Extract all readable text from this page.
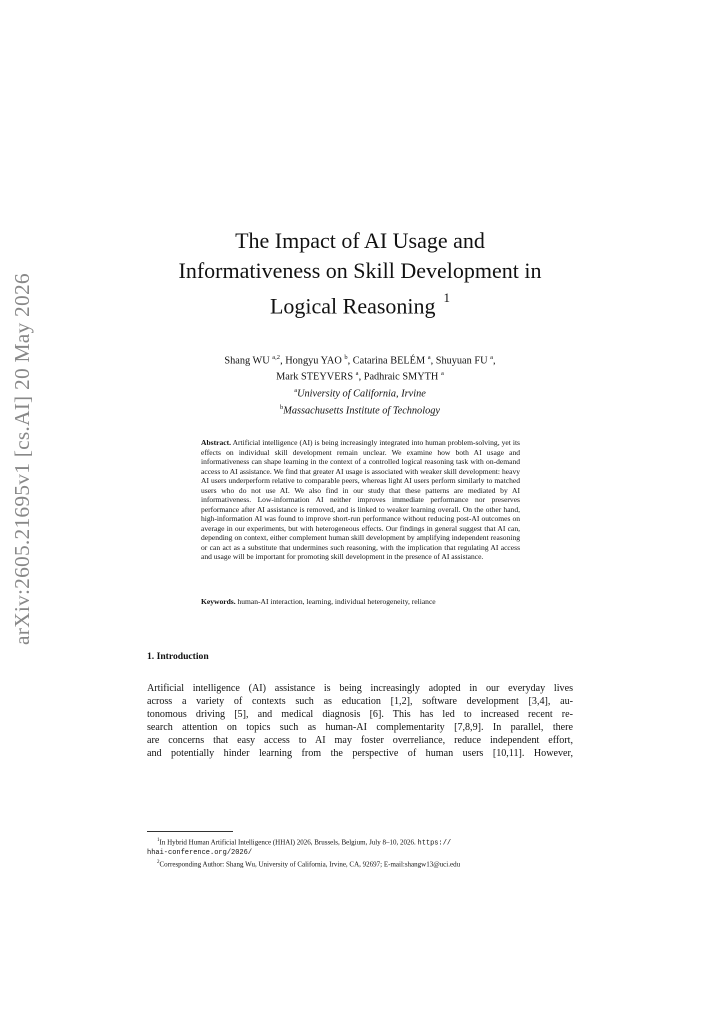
arXiv:2605.21695v1 [cs.AI] 20 May 2026
The Impact of AI Usage and
Informativeness on Skill Development in
Logical Reasoning $^1$
Shang WU $^{a,2}$, Hongyu YAO $^b$, Catarina BELÉM $^a$, Shuyuan FU $^a$,
Mark STEYVERS $^a$, Padhraic SMYTH $^a$
$^a$University of California, Irvine
$^b$Massachusetts Institute of Technology
Abstract. Artificial intelligence (AI) is being increasingly integrated into human problem-solving, yet its effects on individual skill development remain unclear. We examine how both AI usage and informativeness can shape learning in the context of a controlled logical reasoning task with on-demand access to AI assistance. We find that greater AI usage is associated with weaker skill development: heavy AI users underperform relative to comparable peers, whereas light AI users perform similarly to matched users who do not use AI. We also find in our study that these patterns are mediated by AI informativeness. Low-information AI neither improves immediate performance nor preserves performance after AI assistance is removed, and is linked to weaker learning overall. On the other hand, high-information AI was found to improve short-run performance without reducing post-AI outcomes on average in our experiments, but with heterogeneous effects. Our findings in general suggest that AI can, depending on context, either complement human skill development by amplifying independent reasoning or can act as a substitute that undermines such reasoning, with the implication that regulating AI access and usage will be important for promoting skill development in the presence of AI assistance.
Keywords. human-AI interaction, learning, individual heterogeneity, reliance
1. Introduction
Artificial intelligence (AI) assistance is being increasingly adopted in our everyday lives
across a variety of contexts such as education [1,2], software development [3,4], au-
tonomous driving [5], and medical diagnosis [6]. This has led to increased recent re-
search attention on topics such as human-AI complementarity [7,8,9]. In parallel, there
are concerns that easy access to AI may foster overreliance, reduce independent effort,
and potentially hinder learning from the perspective of human users [10,11]. However,
$^1$In Hybrid Human Artificial Intelligence (HHAI) 2026, Brussels, Belgium, July 8–10, 2026. https://
hhai-conference.org/2026/
$^2$Corresponding Author: Shang Wu, University of California, Irvine, CA, 92697; E-mail:shangw13@uci.edu
